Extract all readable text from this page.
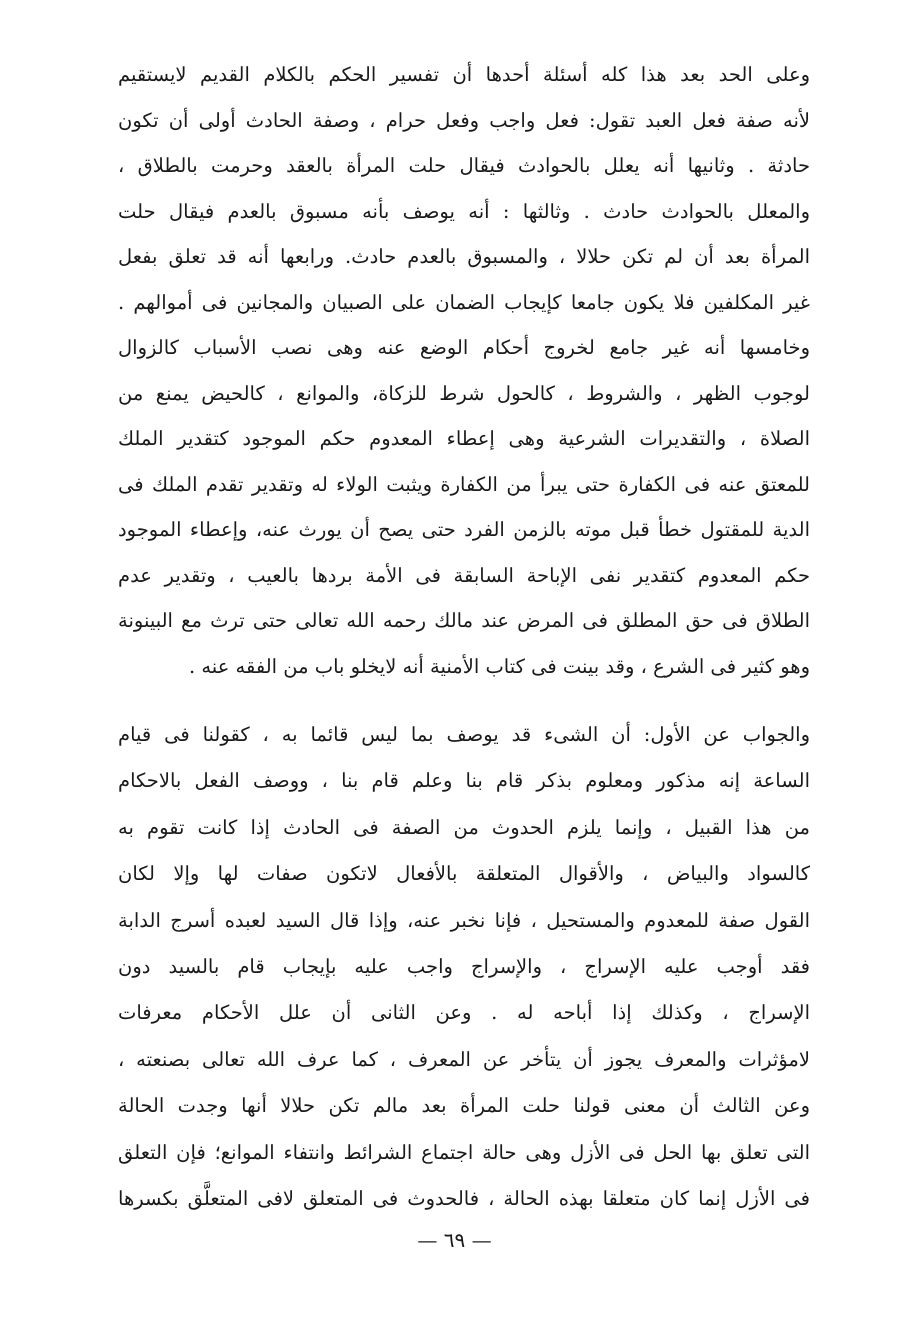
وعلى الحد بعد هذا كله أسئلة أحدها أن تفسير الحكم بالكلام القديم لايستقيم
لأنه صفة فعل العبد تقول: فعل واجب وفعل حرام ، وصفة الحادث أولى أن تكون
حادثة . وثانيها أنه يعلل بالحوادث فيقال حلت المرأة بالعقد وحرمت بالطلاق ،
والمعلل بالحوادث حادث . وثالثها : أنه يوصف بأنه مسبوق بالعدم فيقال حلت
المرأة بعد أن لم تكن حلالا ، والمسبوق بالعدم حادث. ورابعها أنه قد تعلق بفعل
غير المكلفين فلا يكون جامعا كإيجاب الضمان على الصبيان والمجانين فى أموالهم .
وخامسها أنه غير جامع لخروج أحكام الوضع عنه وهى نصب الأسباب كالزوال
لوجوب الظهر ، والشروط ، كالحول شرط للزكاة، والموانع ، كالحيض يمنع من
الصلاة ، والتقديرات الشرعية وهى إعطاء المعدوم حكم الموجود كتقدير الملك
للمعتق عنه فى الكفارة حتى يبرأ من الكفارة ويثبت الولاء له وتقدير تقدم الملك فى
الدية للمقتول خطأ قبل موته بالزمن الفرد حتى يصح أن يورث عنه، وإعطاء الموجود
حكم المعدوم كتقدير نفى الإباحة السابقة فى الأمة بردها بالعيب ، وتقدير عدم
الطلاق فى حق المطلق فى المرض عند مالك رحمه الله تعالى حتى ترث مع البينونة
وهو كثير فى الشرع ، وقد بينت فى كتاب الأمنية أنه لايخلو باب من الفقه عنه .
والجواب عن الأول: أن الشىء قد يوصف بما ليس قائما به ، كقولنا فى قيام
الساعة إنه مذكور ومعلوم بذكر قام بنا وعلم قام بنا ، ووصف الفعل بالاحكام
من هذا القبيل ، وإنما يلزم الحدوث من الصفة فى الحادث إذا كانت تقوم به
كالسواد والبياض ، والأقوال المتعلقة بالأفعال لاتكون صفات لها وإلا لكان
القول صفة للمعدوم والمستحيل ، فإنا نخبر عنه، وإذا قال السيد لعبده أسرج الدابة
فقد أوجب عليه الإسراج ، والإسراج واجب عليه بإيجاب قام بالسيد دون
الإسراج ، وكذلك إذا أباحه له . وعن الثانى أن علل الأحكام معرفات
لامؤثرات والمعرف يجوز أن يتأخر عن المعرف ، كما عرف الله تعالى بصنعته ،
وعن الثالث أن معنى قولنا حلت المرأة بعد مالم تكن حلالا أنها وجدت الحالة
التى تعلق بها الحل فى الأزل وهى حالة اجتماع الشرائط وانتفاء الموانع؛ فإن التعلق
فى الأزل إنما كان متعلقا بهذه الحالة ، فالحدوث فى المتعلق لافى المتعلَّق بكسرها
— ٦٩ —
